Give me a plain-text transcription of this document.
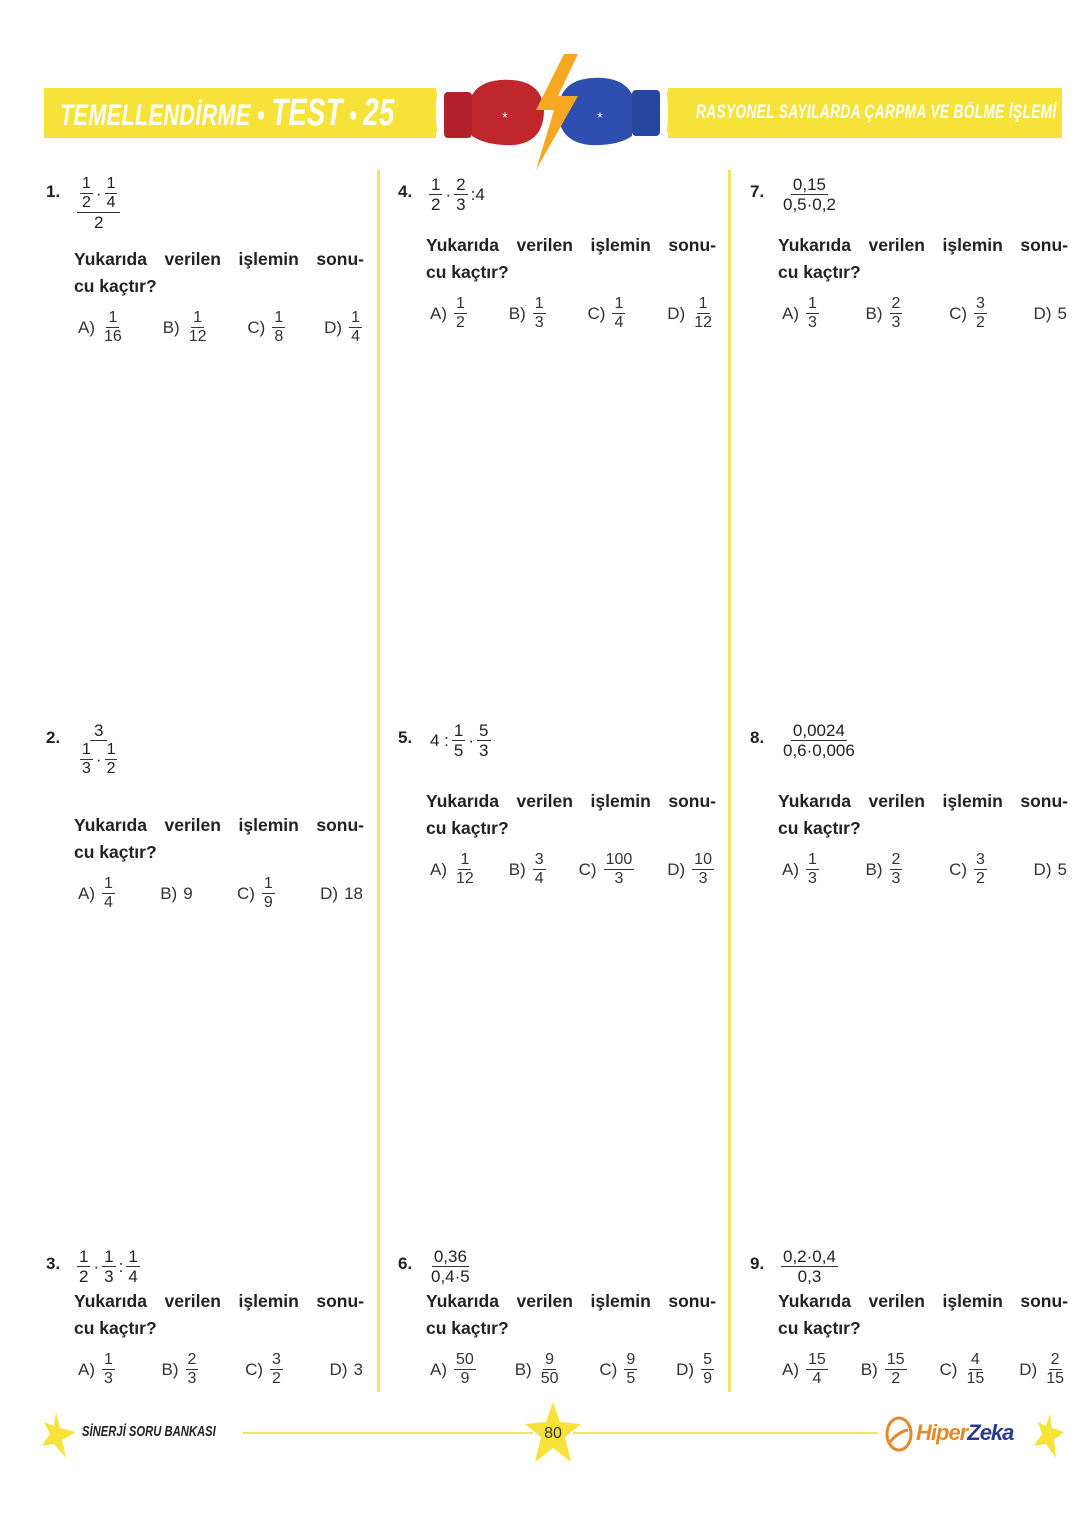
TEMELLENDİRME • TEST • 25	*	*	RASYONEL SAYILARDA ÇARPMA VE BÖLME İŞLEMİ
1. $\frac{\frac{1}{2} \cdot \frac{1}{4}}{2}$
Yukarıda verilen işlemin sonu-
cu kaçtır?
$A) \frac{1}{16} B) \frac{1}{12} C) \frac{1}{8} D) \frac{1}{4}$
2. $\frac{3}{\frac{1}{3} \cdot \frac{1}{2}}$
Yukarıda verilen işlemin sonu-
cu kaçtır?
$A) \frac{1}{4}$	B) 9	$C) \frac{1}{9}$	D) 18
3. $\frac{1}{2} \cdot \frac{1}{3}$ : $\frac{1}{4}$
Yukarıda verilen işlemin sonu-
cu kaçtır?
$A) \frac{1}{3}$	$B) \frac{2}{3}$	$C) \frac{3}{2}$	D) 3
4. $\frac{1}{2} \cdot \frac{2}{3}$ :4
Yukarıda verilen işlemin sonu-
cu kaçtır?
$A) \frac{1}{2} B) \frac{1}{3} C) \frac{1}{4} D) \frac{1}{12}$
5. 4 : $\frac{1}{5} \cdot \frac{5}{3}$
Yukarıda verilen işlemin sonu-
cu kaçtır?
$A) \frac{1}{12} B) \frac{3}{4} C) \frac{100}{3} D) \frac{10}{3}$
6. $\frac{0,36}{0,4\cdot 5}$
Yukarıda verilen işlemin sonu-
cu kaçtır?
$A) \frac{50}{9} B) \frac{9}{50} C) \frac{9}{5} D) \frac{5}{9}$
7. $\frac{0,15}{0,5\cdot 0,2}$
Yukarıda verilen işlemin sonu-
cu kaçtır?
$A) \frac{1}{3}$	$B) \frac{2}{3}$	$C) \frac{3}{2}$	D) 5
8. $\frac{0,0024}{0,6\cdot 0,006}$
Yukarıda verilen işlemin sonu-
cu kaçtır?
$A) \frac{1}{3}$	$B) \frac{2}{3}$	$C) \frac{3}{2}$	D) 5
9. $\frac{0,2\cdot 0,4}{0,3}$
Yukarıda verilen işlemin sonu-
cu kaçtır?
$A) \frac{15}{4} B) \frac{15}{2} C) \frac{4}{15} D) \frac{2}{15}$
SİNERJİ SORU BANKASI	80	HiperZeka
